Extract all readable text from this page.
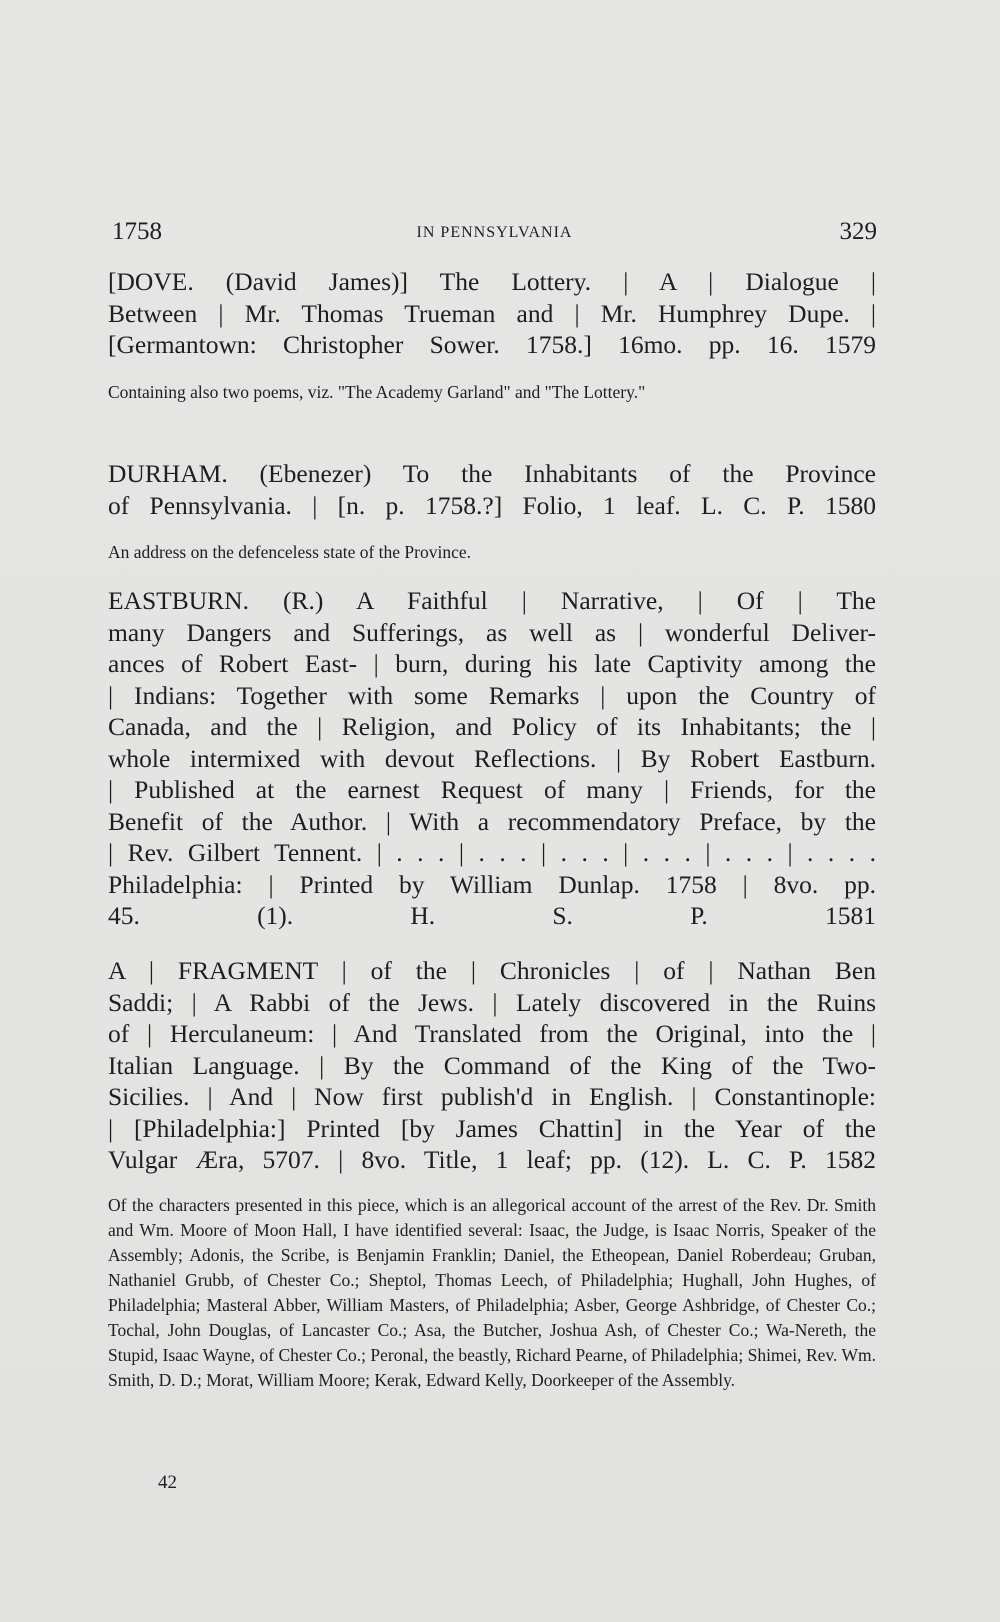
1758	IN PENNSYLVANIA	329
[DOVE. (David James)] The Lottery. | A | Dialogue |
Between | Mr. Thomas Trueman and | Mr. Humphrey Dupe. |
[Germantown: Christopher Sower. 1758.] 16mo. pp. 16. 1579
Containing also two poems, viz. "The Academy Garland" and "The Lottery."
DURHAM. (Ebenezer) To the Inhabitants of the Province
of Pennsylvania. | [n. p. 1758.?] Folio, 1 leaf. L. C. P. 1580
An address on the defenceless state of the Province.
EASTBURN. (R.) A Faithful | Narrative, | Of | The
many Dangers and Sufferings, as well as | wonderful Deliver-
ances of Robert East- | burn, during his late Captivity among the
| Indians: Together with some Remarks | upon the Country of
Canada, and the | Religion, and Policy of its Inhabitants; the |
whole intermixed with devout Reflections. | By Robert Eastburn.
| Published at the earnest Request of many | Friends, for the
Benefit of the Author. | With a recommendatory Preface, by the
| Rev. Gilbert Tennent. | . . . | . . . | . . . | . . . | . . . | . . . .
Philadelphia: | Printed by William Dunlap. 1758 | 8vo. pp.
45. (1). H. S. P. 1581
A | FRAGMENT | of the | Chronicles | of | Nathan Ben
Saddi; | A Rabbi of the Jews. | Lately discovered in the Ruins
of | Herculaneum: | And Translated from the Original, into the |
Italian Language. | By the Command of the King of the Two-
Sicilies. | And | Now first publish'd in English. | Constantinople:
| [Philadelphia:] Printed [by James Chattin] in the Year of the
Vulgar Æra, 5707. | 8vo. Title, 1 leaf; pp. (12). L. C. P. 1582
Of the characters presented in this piece, which is an allegorical account of the arrest of the Rev. Dr. Smith and Wm. Moore of Moon Hall, I have identified several: Isaac, the Judge, is Isaac Norris, Speaker of the Assembly; Adonis, the Scribe, is Benjamin Franklin; Daniel, the Etheopean, Daniel Roberdeau; Gruban, Nathaniel Grubb, of Chester Co.; Sheptol, Thomas Leech, of Philadelphia; Hughall, John Hughes, of Philadelphia; Masteral Abber, William Masters, of Philadelphia; Asber, George Ashbridge, of Chester Co.; Tochal, John Douglas, of Lancaster Co.; Asa, the Butcher, Joshua Ash, of Chester Co.; Wa-Nereth, the Stupid, Isaac Wayne, of Chester Co.; Peronal, the beastly, Richard Pearne, of Philadelphia; Shimei, Rev. Wm. Smith, D. D.; Morat, William Moore; Kerak, Edward Kelly, Doorkeeper of the Assembly.
42
